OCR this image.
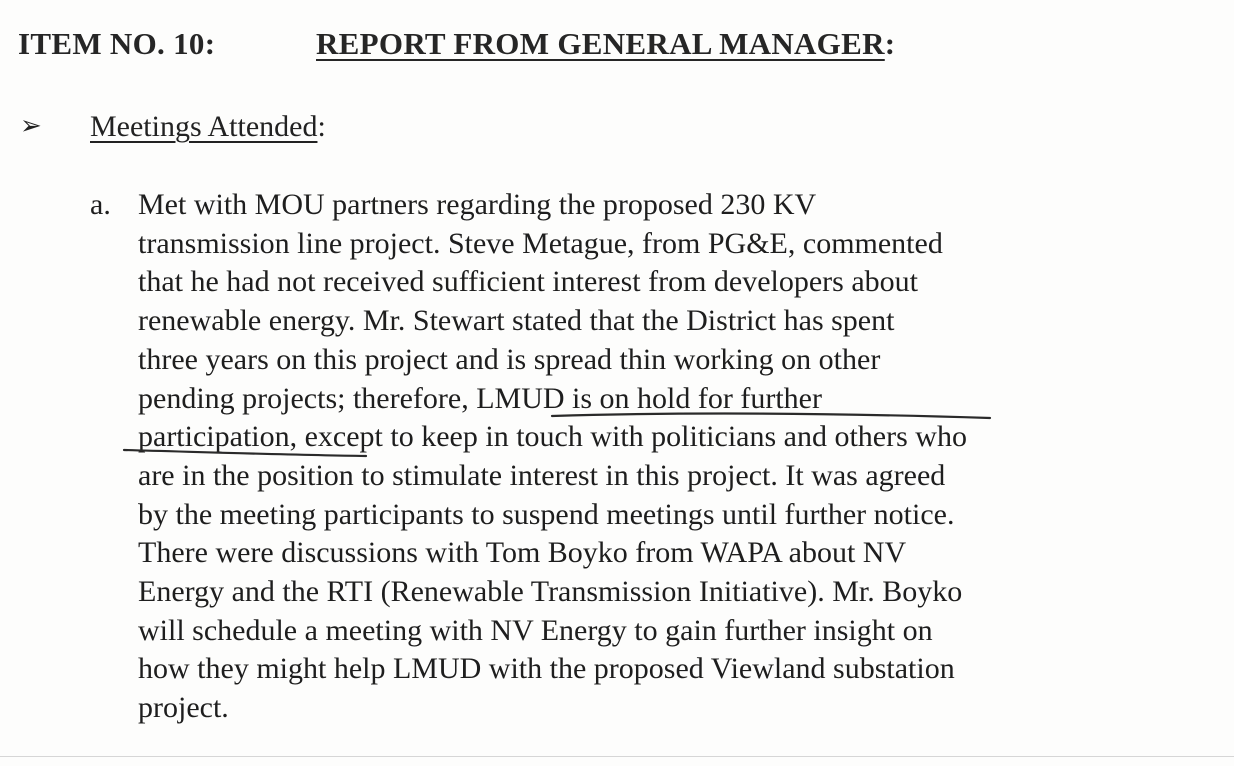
ITEM NO. 10:	REPORT FROM GENERAL MANAGER:
➢ Meetings Attended:
a. Met with MOU partners regarding the proposed 230 KV
transmission line project. Steve Metague, from PG&E, commented
that he had not received sufficient interest from developers about
renewable energy. Mr. Stewart stated that the District has spent
three years on this project and is spread thin working on other
pending projects; therefore, LMUD is on hold for further
participation, except to keep in touch with politicians and others who
are in the position to stimulate interest in this project. It was agreed
by the meeting participants to suspend meetings until further notice.
There were discussions with Tom Boyko from WAPA about NV
Energy and the RTI (Renewable Transmission Initiative). Mr. Boyko
will schedule a meeting with NV Energy to gain further insight on
how they might help LMUD with the proposed Viewland substation
project.
